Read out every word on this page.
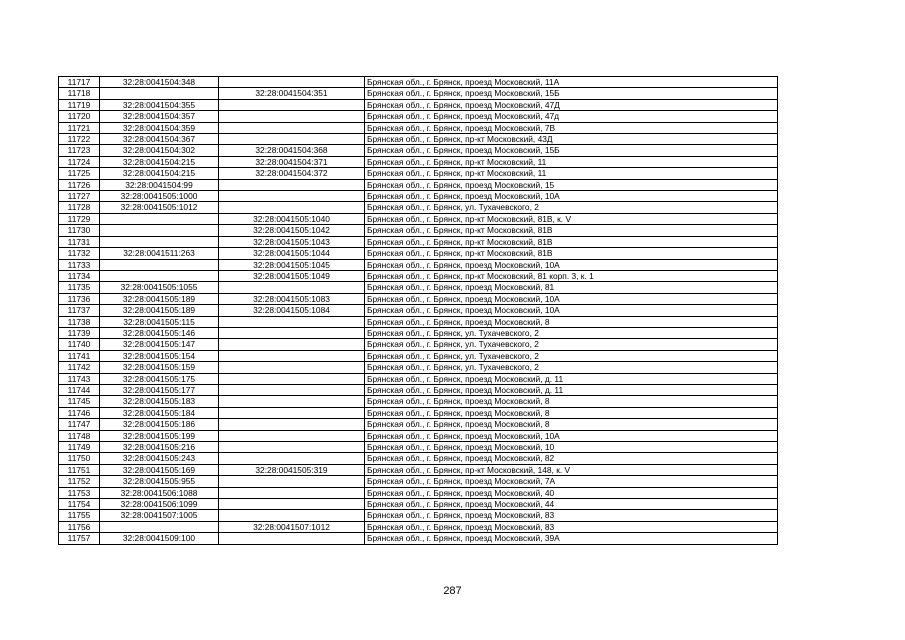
11717	32:28:0041504:348		Брянская обл., г. Брянск, проезд Московский, 11А
11718		32:28:0041504:351	Брянская обл., г. Брянск, проезд Московский, 15Б
11719	32:28:0041504:355		Брянская обл., г. Брянск, проезд Московский, 47Д
11720	32:28:0041504:357		Брянская обл., г. Брянск, проезд Московский, 47д
11721	32:28:0041504:359		Брянская обл., г. Брянск, проезд Московский, 7В
11722	32:28:0041504:367		Брянская обл., г. Брянск, пр-кт Московский, 43Д
11723	32:28:0041504:302	32:28:0041504:368	Брянская обл., г. Брянск, проезд Московский, 15Б
11724	32:28:0041504:215	32:28:0041504:371	Брянская обл., г. Брянск, пр-кт Московский, 11
11725	32:28:0041504:215	32:28:0041504:372	Брянская обл., г. Брянск, пр-кт Московский, 11
11726	32:28:0041504:99		Брянская обл., г. Брянск, проезд Московский, 15
11727	32:28:0041505:1000		Брянская обл., г. Брянск, проезд Московский, 10А
11728	32:28:0041505:1012		Брянская обл., г. Брянск, ул. Тухачевского, 2
11729		32:28:0041505:1040	Брянская обл., г. Брянск, пр-кт Московский, 81В, к. V
11730		32:28:0041505:1042	Брянская обл., г. Брянск, пр-кт Московский, 81В
11731		32:28:0041505:1043	Брянская обл., г. Брянск, пр-кт Московский, 81В
11732	32:28:0041511:263	32:28:0041505:1044	Брянская обл., г. Брянск, пр-кт Московский, 81В
11733		32:28:0041505:1045	Брянская обл., г. Брянск, проезд Московский, 10А
11734		32:28:0041505:1049	Брянская обл., г. Брянск, пр-кт Московский, 81 корп. 3, к. 1
11735	32:28:0041505:1055		Брянская обл., г. Брянск, проезд Московский, 81
11736	32:28:0041505:189	32:28:0041505:1083	Брянская обл., г. Брянск, проезд Московский, 10А
11737	32:28:0041505:189	32:28:0041505:1084	Брянская обл., г. Брянск, проезд Московский, 10А
11738	32:28:0041505:115		Брянская обл., г. Брянск, проезд Московский, 8
11739	32:28:0041505:146		Брянская обл., г. Брянск, ул. Тухачевского, 2
11740	32:28:0041505:147		Брянская обл., г. Брянск, ул. Тухачевского, 2
11741	32:28:0041505:154		Брянская обл., г. Брянск, ул. Тухачевского, 2
11742	32:28:0041505:159		Брянская обл., г. Брянск, ул. Тухачевского, 2
11743	32:28:0041505:175		Брянская обл., г. Брянск, проезд Московский, д. 11
11744	32:28:0041505:177		Брянская обл., г. Брянск, проезд Московский, д. 11
11745	32:28:0041505:183		Брянская обл., г. Брянск, проезд Московский, 8
11746	32:28:0041505:184		Брянская обл., г. Брянск, проезд Московский, 8
11747	32:28:0041505:186		Брянская обл., г. Брянск, проезд Московский, 8
11748	32:28:0041505:199		Брянская обл., г. Брянск, проезд Московский, 10А
11749	32:28:0041505:216		Брянская обл., г. Брянск, проезд Московский, 10
11750	32:28:0041505:243		Брянская обл., г. Брянск, проезд Московский, 82
11751	32:28:0041505:169	32:28:0041505:319	Брянская обл., г. Брянск, пр-кт Московский, 148, к. V
11752	32:28:0041505:955		Брянская обл., г. Брянск, проезд Московский, 7А
11753	32:28:0041506:1088		Брянская обл., г. Брянск, проезд Московский, 40
11754	32:28:0041506:1099		Брянская обл., г. Брянск, проезд Московский, 44
11755	32:28:0041507:1005		Брянская обл., г. Брянск, проезд Московский, 83
11756		32:28:0041507:1012	Брянская обл., г. Брянск, проезд Московский, 83
11757	32:28:0041509:100		Брянская обл., г. Брянск, проезд Московский, 39А
287
